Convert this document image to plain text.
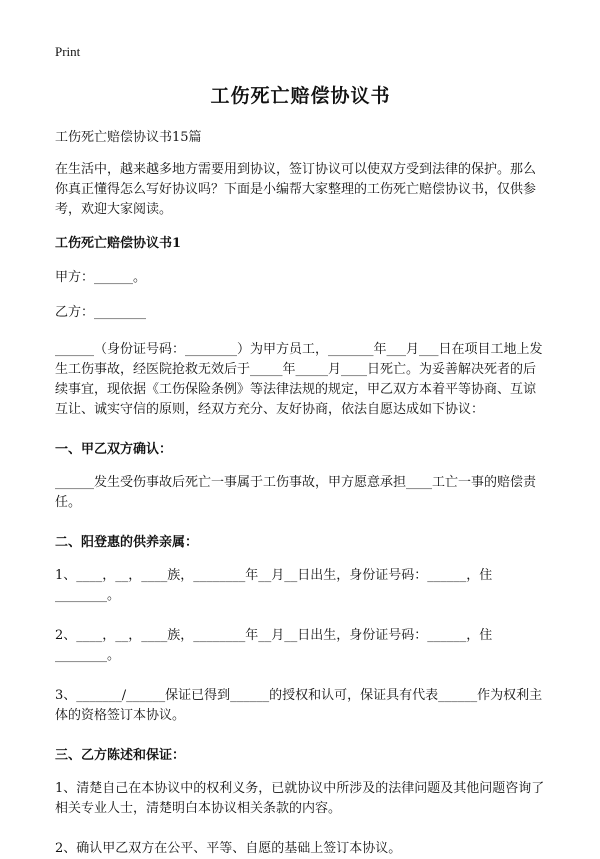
Print
工伤死亡赔偿协议书

工伤死亡赔偿协议书15篇

在生活中，越来越多地方需要用到协议，签订协议可以使双方受到法律的保护。那么你真正懂得怎么写好协议吗？下面是小编帮大家整理的工伤死亡赔偿协议书，仅供参考，欢迎大家阅读。

工伤死亡赔偿协议书1

甲方：______。

乙方：________

______（身份证号码：________）为甲方员工，_______年___月___日在项目工地上发生工伤事故，经医院抢救无效后于_____年_____月____日死亡。为妥善解决死者的后续事宜，现依据《工伤保险条例》等法律法规的规定，甲乙双方本着平等协商、互谅互让、诚实守信的原则，经双方充分、友好协商，依法自愿达成如下协议：

一、甲乙双方确认：

______发生受伤事故后死亡一事属于工伤事故，甲方愿意承担____工亡一事的赔偿责任。

二、阳登惠的供养亲属：

1、____，__，____族，________年__月__日出生，身份证号码：______，住________。

2、____，__，____族，________年__月__日出生，身份证号码：______，住________。

3、_______/______保证已得到______的授权和认可，保证具有代表______作为权利主体的资格签订本协议。

三、乙方陈述和保证：

1、清楚自己在本协议中的权利义务，已就协议中所涉及的法律问题及其他问题咨询了相关专业人士，清楚明白本协议相关条款的内容。

2、确认甲乙双方在公平、平等、自愿的基础上签订本协议。
